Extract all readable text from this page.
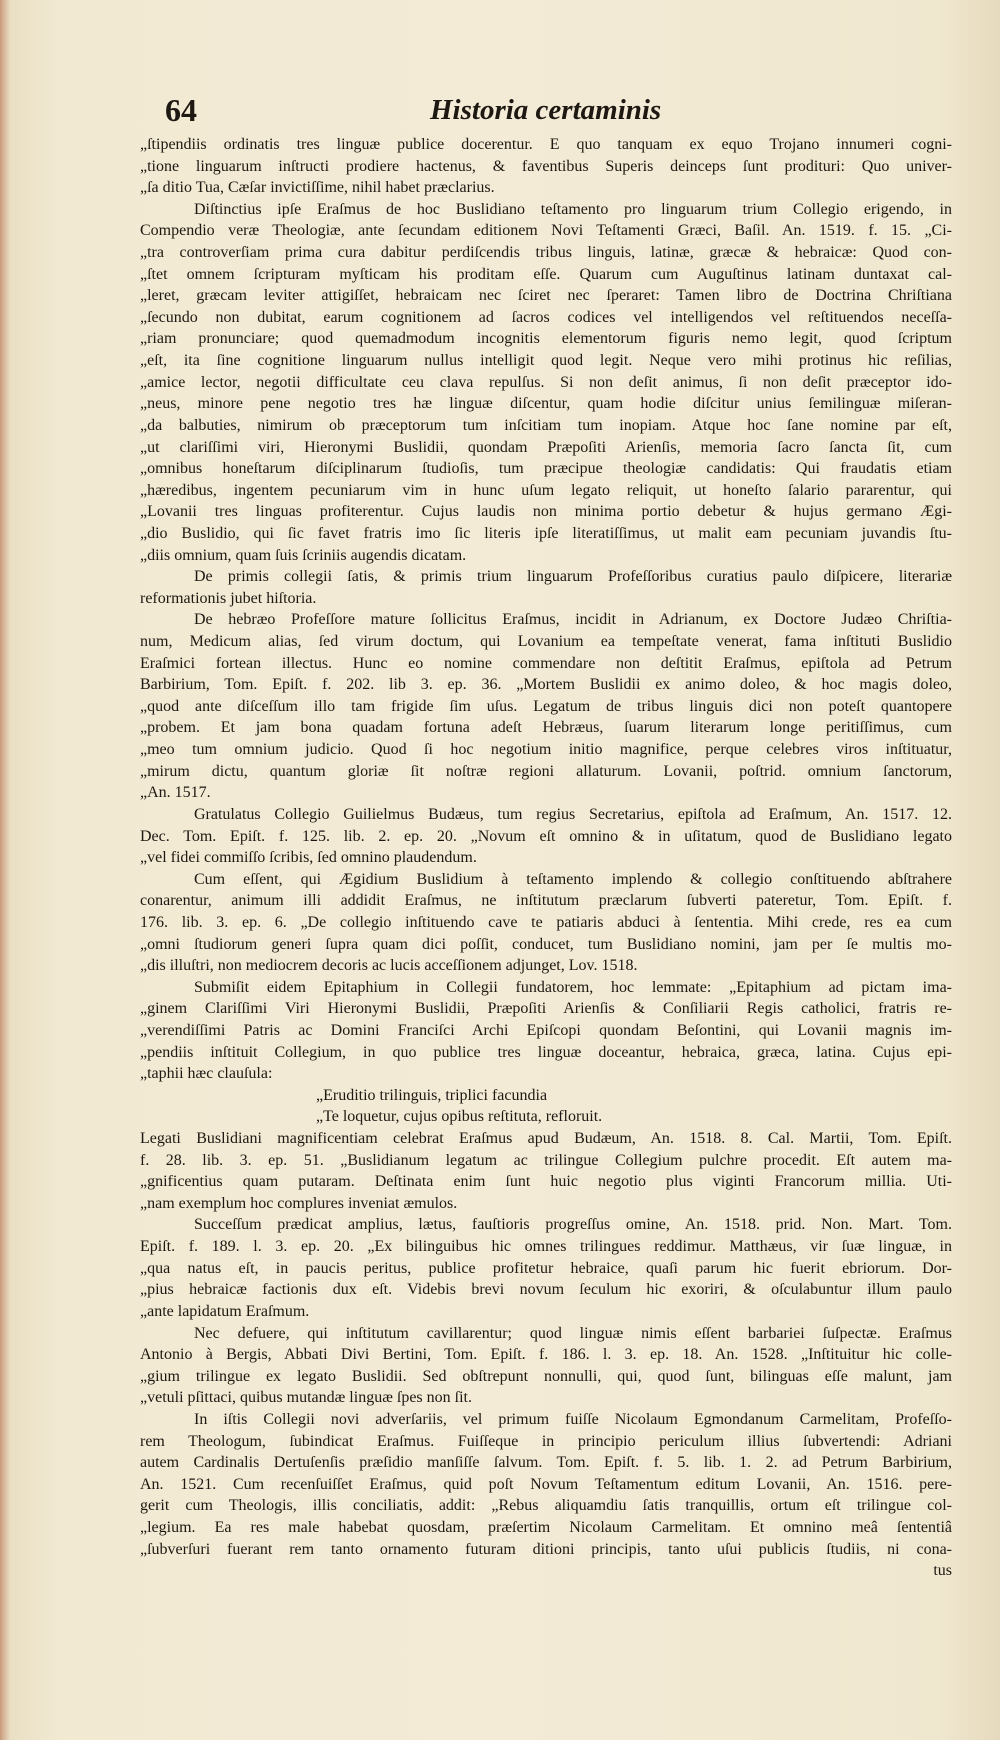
64	Historia certaminis
„ſtipendiis ordinatis tres linguæ publice docerentur. E quo tanquam ex equo Trojano innumeri cogni-
„tione linguarum inſtructi prodiere hactenus, & faventibus Superis deinceps ſunt prodituri: Quo univer-
„ſa ditio Tua, Cæſar invictiſſime, nihil habet præclarius.
Diſtinctius ipſe Eraſmus de hoc Buslidiano teſtamento pro linguarum trium Collegio erigendo, in
Compendio veræ Theologiæ, ante ſecundam editionem Novi Teſtamenti Græci, Baſil. An. 1519. f. 15. „Ci-
„tra controverſiam prima cura dabitur perdiſcendis tribus linguis, latinæ, græcæ & hebraicæ: Quod con-
„ſtet omnem ſcripturam myſticam his proditam eſſe. Quarum cum Auguſtinus latinam duntaxat cal-
„leret, græcam leviter attigiſſet, hebraicam nec ſciret nec ſperaret: Tamen libro de Doctrina Chriſtiana
„ſecundo non dubitat, earum cognitionem ad ſacros codices vel intelligendos vel reſtituendos neceſſa-
„riam pronunciare; quod quemadmodum incognitis elementorum figuris nemo legit, quod ſcriptum
„eſt, ita ſine cognitione linguarum nullus intelligit quod legit. Neque vero mihi protinus hic reſilias,
„amice lector, negotii difficultate ceu clava repulſus. Si non deſit animus, ſi non deſit præceptor ido-
„neus, minore pene negotio tres hæ linguæ diſcentur, quam hodie diſcitur unius ſemilinguæ miſeran-
„da balbuties, nimirum ob præceptorum tum inſcitiam tum inopiam. Atque hoc ſane nomine par eſt,
„ut clariſſimi viri, Hieronymi Buslidii, quondam Præpoſiti Arienſis, memoria ſacro ſancta ſit, cum
„omnibus honeſtarum diſciplinarum ſtudioſis, tum præcipue theologiæ candidatis: Qui fraudatis etiam
„hæredibus, ingentem pecuniarum vim in hunc uſum legato reliquit, ut honeſto ſalario pararentur, qui
„Lovanii tres linguas profiterentur. Cujus laudis non minima portio debetur & hujus germano Ægi-
„dio Buslidio, qui ſic favet fratris imo ſic literis ipſe literatiſſimus, ut malit eam pecuniam juvandis ſtu-
„diis omnium, quam ſuis ſcriniis augendis dicatam.
De primis collegii ſatis, & primis trium linguarum Profeſſoribus curatius paulo diſpicere, literariæ
reformationis jubet hiſtoria.
De hebræo Profeſſore mature ſollicitus Eraſmus, incidit in Adrianum, ex Doctore Judæo Chriſtia-
num, Medicum alias, ſed virum doctum, qui Lovanium ea tempeſtate venerat, fama inſtituti Buslidio
Eraſmici fortean illectus. Hunc eo nomine commendare non deſtitit Eraſmus, epiſtola ad Petrum
Barbirium, Tom. Epiſt. f. 202. lib 3. ep. 36. „Mortem Buslidii ex animo doleo, & hoc magis doleo,
„quod ante diſceſſum illo tam frigide ſim uſus. Legatum de tribus linguis dici non poteſt quantopere
„probem. Et jam bona quadam fortuna adeſt Hebræus, ſuarum literarum longe peritiſſimus, cum
„meo tum omnium judicio. Quod ſi hoc negotium initio magnifice, perque celebres viros inſtituatur,
„mirum dictu, quantum gloriæ ſit noſtræ regioni allaturum. Lovanii, poſtrid. omnium ſanctorum,
„An. 1517.
Gratulatus Collegio Guilielmus Budæus, tum regius Secretarius, epiſtola ad Eraſmum, An. 1517. 12.
Dec. Tom. Epiſt. f. 125. lib. 2. ep. 20. „Novum eſt omnino & in uſitatum, quod de Buslidiano legato
„vel fidei commiſſo ſcribis, ſed omnino plaudendum.
Cum eſſent, qui Ægidium Buslidium à teſtamento implendo & collegio conſtituendo abſtrahere
conarentur, animum illi addidit Eraſmus, ne inſtitutum præclarum ſubverti pateretur, Tom. Epiſt. f.
176. lib. 3. ep. 6. „De collegio inſtituendo cave te patiaris abduci à ſententia. Mihi crede, res ea cum
„omni ſtudiorum generi ſupra quam dici poſſit, conducet, tum Buslidiano nomini, jam per ſe multis mo-
„dis illuſtri, non mediocrem decoris ac lucis acceſſionem adjunget, Lov. 1518.
Submiſit eidem Epitaphium in Collegii fundatorem, hoc lemmate: „Epitaphium ad pictam ima-
„ginem Clariſſimi Viri Hieronymi Buslidii, Præpoſiti Arienſis & Conſiliarii Regis catholici, fratris re-
„verendiſſimi Patris ac Domini Franciſci Archi Epiſcopi quondam Beſontini, qui Lovanii magnis im-
„pendiis inſtituit Collegium, in quo publice tres linguæ doceantur, hebraica, græca, latina. Cujus epi-
„taphii hæc clauſula:
„Eruditio trilinguis, triplici facundia
„Te loquetur, cujus opibus reſtituta, refloruit.
Legati Buslidiani magnificentiam celebrat Eraſmus apud Budæum, An. 1518. 8. Cal. Martii, Tom. Epiſt.
f. 28. lib. 3. ep. 51. „Buslidianum legatum ac trilingue Collegium pulchre procedit. Eſt autem ma-
„gnificentius quam putaram. Deſtinata enim ſunt huic negotio plus viginti Francorum millia. Uti-
„nam exemplum hoc complures inveniat æmulos.
Succeſſum prædicat amplius, lætus, fauſtioris progreſſus omine, An. 1518. prid. Non. Mart. Tom.
Epiſt. f. 189. l. 3. ep. 20. „Ex bilinguibus hic omnes trilingues reddimur. Matthæus, vir ſuæ linguæ, in
„qua natus eſt, in paucis peritus, publice profitetur hebraice, quaſi parum hic fuerit ebriorum. Dor-
„pius hebraicæ factionis dux eſt. Videbis brevi novum ſeculum hic exoriri, & oſculabuntur illum paulo
„ante lapidatum Eraſmum.
Nec defuere, qui inſtitutum cavillarentur; quod linguæ nimis eſſent barbariei ſuſpectæ. Eraſmus
Antonio à Bergis, Abbati Divi Bertini, Tom. Epiſt. f. 186. l. 3. ep. 18. An. 1528. „Inſtituitur hic colle-
„gium trilingue ex legato Buslidii. Sed obſtrepunt nonnulli, qui, quod ſunt, bilinguas eſſe malunt, jam
„vetuli pſittaci, quibus mutandæ linguæ ſpes non ſit.
In iſtis Collegii novi adverſariis, vel primum fuiſſe Nicolaum Egmondanum Carmelitam, Profeſſo-
rem Theologum, ſubindicat Eraſmus. Fuiſſeque in principio periculum illius ſubvertendi: Adriani
autem Cardinalis Dertuſenſis præſidio manſiſſe ſalvum. Tom. Epiſt. f. 5. lib. 1. 2. ad Petrum Barbirium,
An. 1521. Cum recenſuiſſet Eraſmus, quid poſt Novum Teſtamentum editum Lovanii, An. 1516. pere-
gerit cum Theologis, illis conciliatis, addit: „Rebus aliquamdiu ſatis tranquillis, ortum eſt trilingue col-
„legium. Ea res male habebat quosdam, præſertim Nicolaum Carmelitam. Et omnino meâ ſententiâ
„ſubverſuri fuerant rem tanto ornamento futuram ditioni principis, tanto uſui publicis ſtudiis, ni cona-
tus
